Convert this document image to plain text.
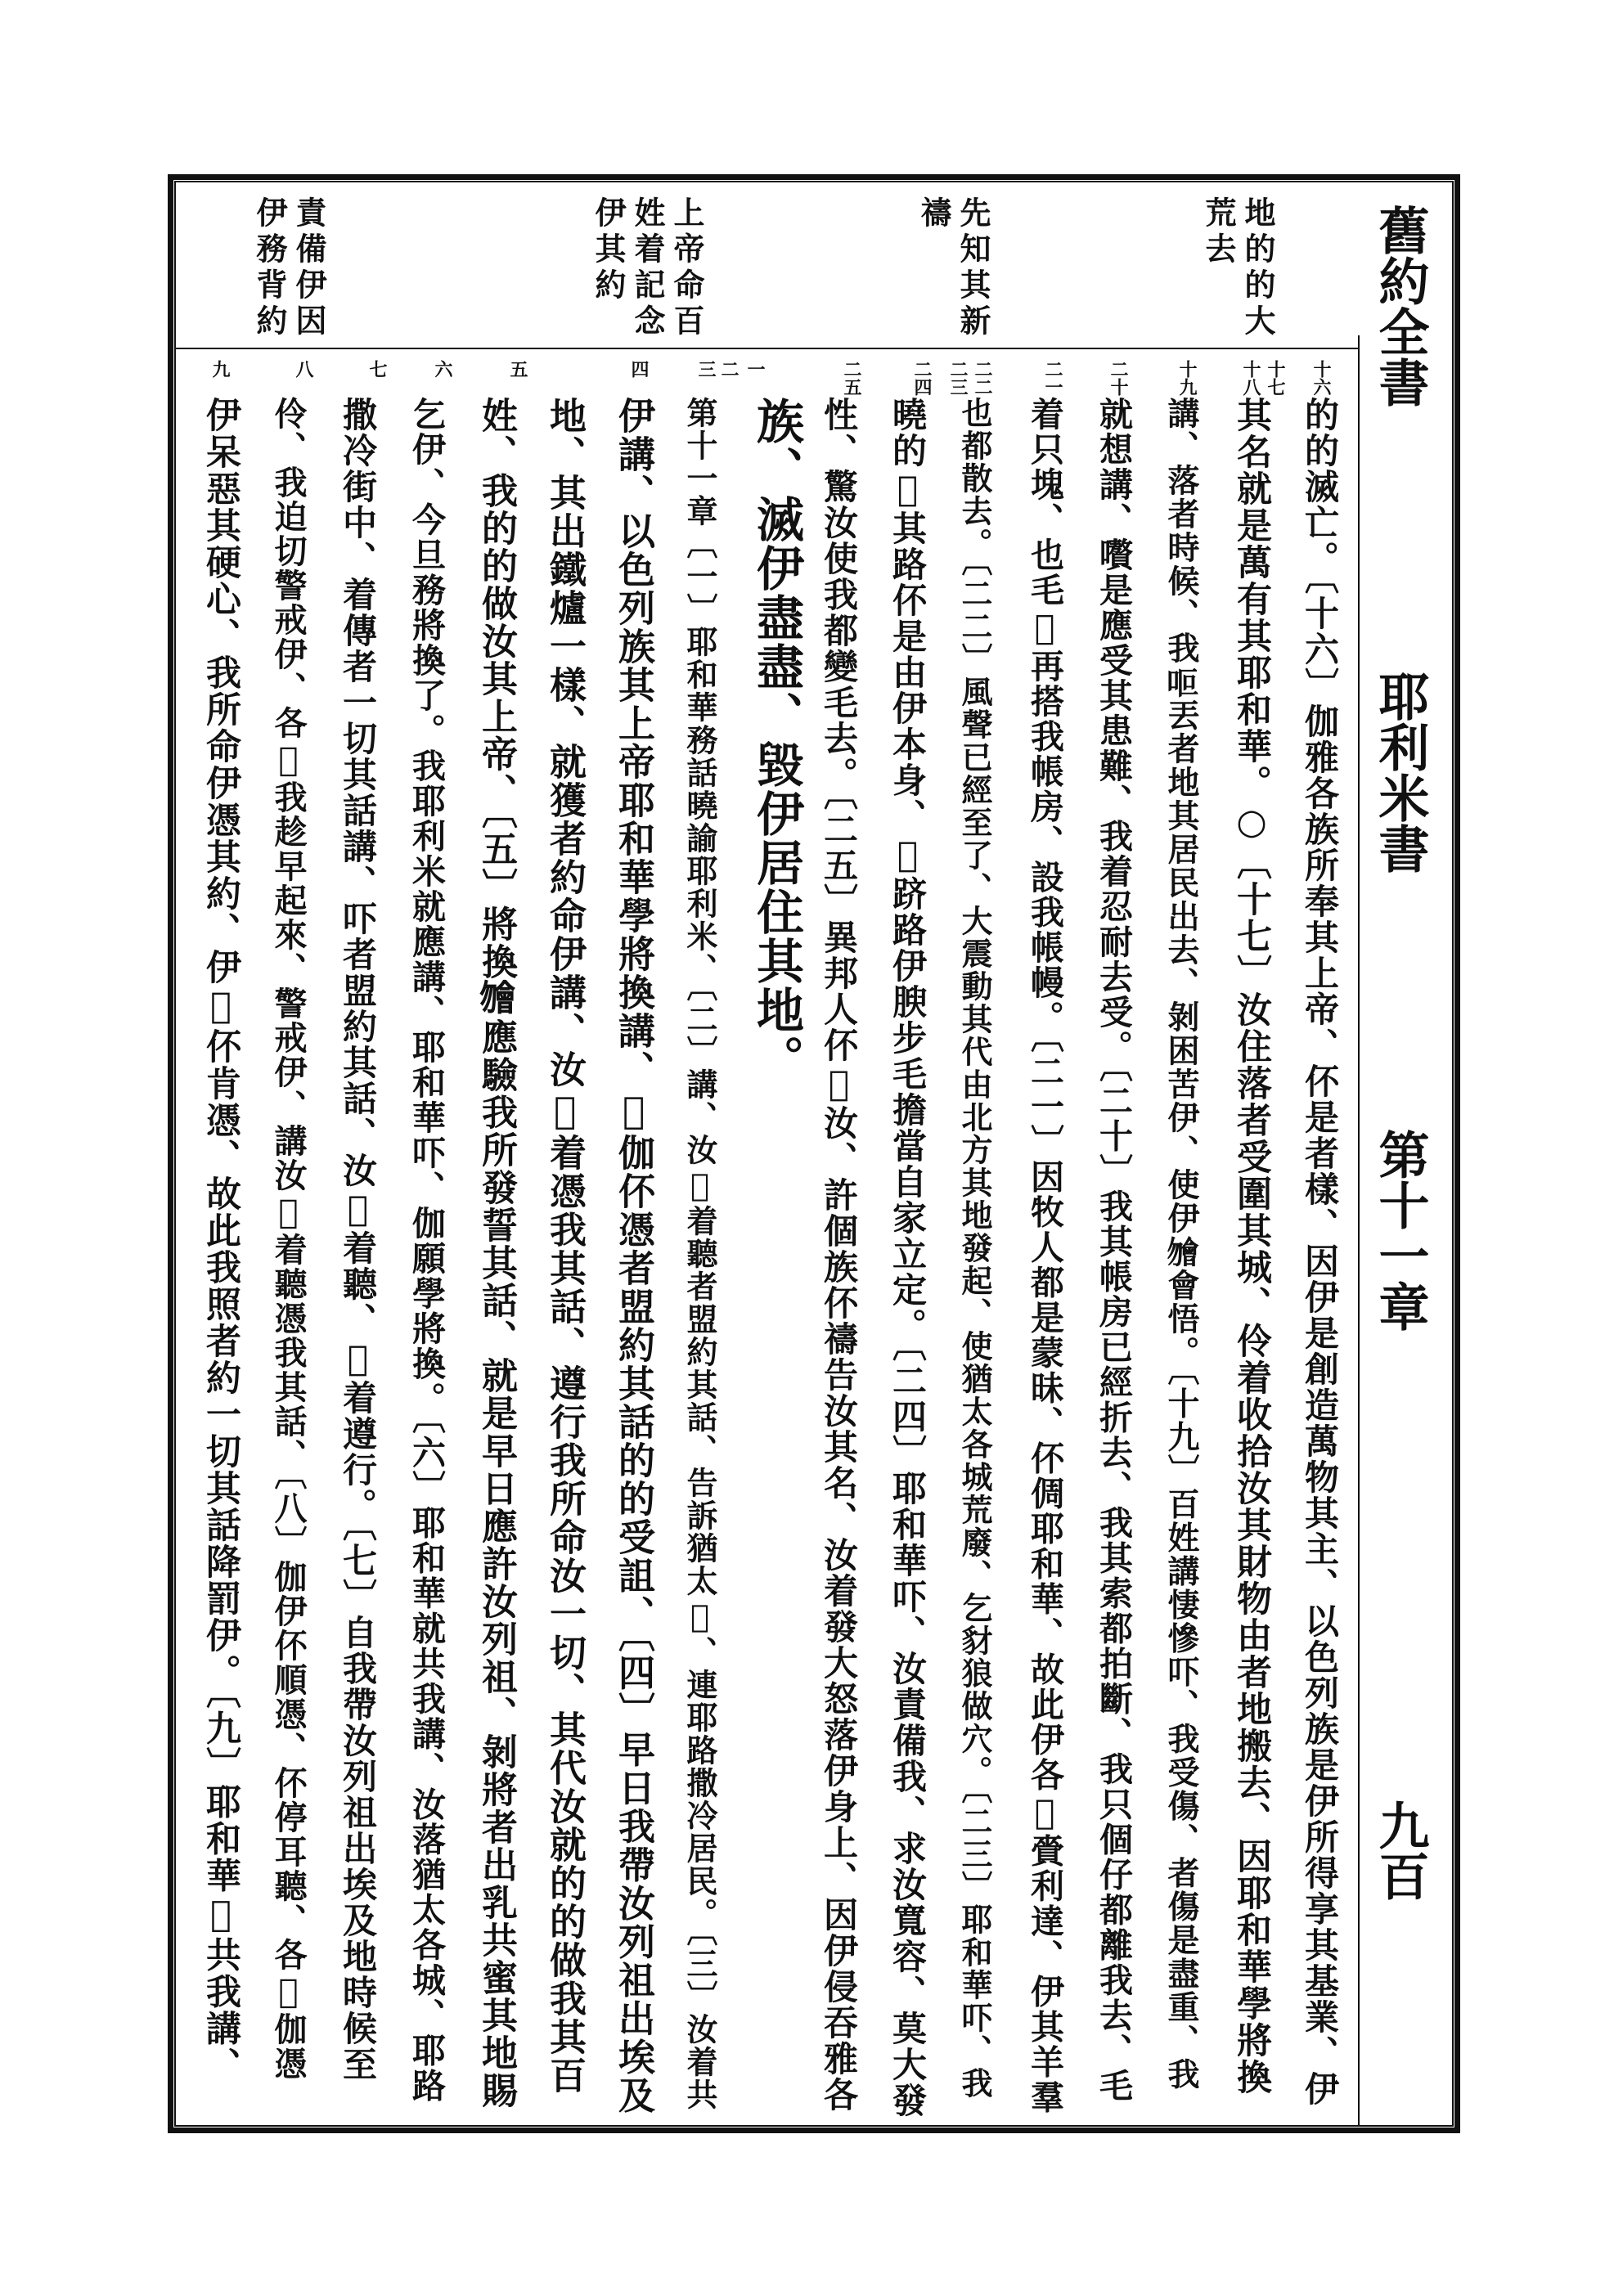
舊約全書
耶利米書
第十一章
九百
地的的大
荒去
先知其新
禱
上帝命百
姓着記念
伊其約
責備伊因
伊務背約
十六
十七
十八
十九
二十
二一
二二
二三
二四
二五
一
二
三
四
五
六
七
八
九
的的滅亡。〔十六〕伽雅各族所奉其上帝、伓是者樣、因伊是創造萬物其主、以色列族是伊所得享其基業、伊
其名就是萬有其耶和華。○〔十七〕汝住落者受圍其城、伶着收拾汝其財物由者地搬去、因耶和華學將換
講、落者時候、我𠰐丟者地其居民出去、剝困苦伊、使伊𣍐會悟。〔十九〕百姓講悽慘吓、我受傷、者傷是盡重、我
就想講、嚽是應受其患難、我着忍耐去受。〔二十〕我其帳房已經折去、我其索都拍斷、我只個仔都離我去、毛
着只塊、也毛𠆧再搭我帳房、設我帳幔。〔二一〕因牧人都是蒙昧、伓倜耶和華、故此伊各𠆧賫利達、伊其羊羣
也都散去。〔二二〕風聲已經至了、大震動其代由北方其地發起、使猶太各城荒廢、乞豺狼做穴。〔二三〕耶和華吓、我
曉的𠆧其路伓是由伊本身、𠆧跻路伊腴步毛擔當自家立定。〔二四〕耶和華吓、汝責備我、求汝寬容、莫大發
性、驚汝使我都變毛去。〔二五〕異邦人伓𠆧汝、許個族伓禱告汝其名、汝着發大怒落伊身上、因伊侵吞雅各
族、滅伊盡盡、毀伊居住其地。
第十一章〔一〕耶和華務話曉諭耶利米、〔二〕講、汝𠆧着聽者盟約其話、告訴猶太𠆧、連耶路撒冷居民。〔三〕汝着共
伊講、以色列族其上帝耶和華學將換講、𠆧伽伓憑者盟約其話的的受詛、〔四〕早日我帶汝列祖出埃及
地、其出鐵爐一樣、就獲者約命伊講、汝𠆧着憑我其話、遵行我所命汝一切、其代汝就的的做我其百
姓、我的的做汝其上帝、〔五〕將換𣍐應驗我所發誓其話、就是早日應許汝列祖、剝將者出乳共蜜其地賜
乞伊、今旦務將換了。我耶利米就應講、耶和華吓、伽願學將換。〔六〕耶和華就共我講、汝落猶太各城、耶路
撒冷街中、着傳者一切其話講、吓者盟約其話、汝𠆧着聽、𠆧着遵行。〔七〕自我帶汝列祖出埃及地時候至
伶、我迫切警戒伊、各𠆧我趁早起來、警戒伊、講汝𠆧着聽憑我其話、〔八〕伽伊伓順憑、伓停耳聽、各𠆧伽憑
伊呆惡其硬心、我所命伊憑其約、伊𠆧伓肯憑、故此我照者約一切其話降罰伊。〔九〕耶和華𠆧共我講、
